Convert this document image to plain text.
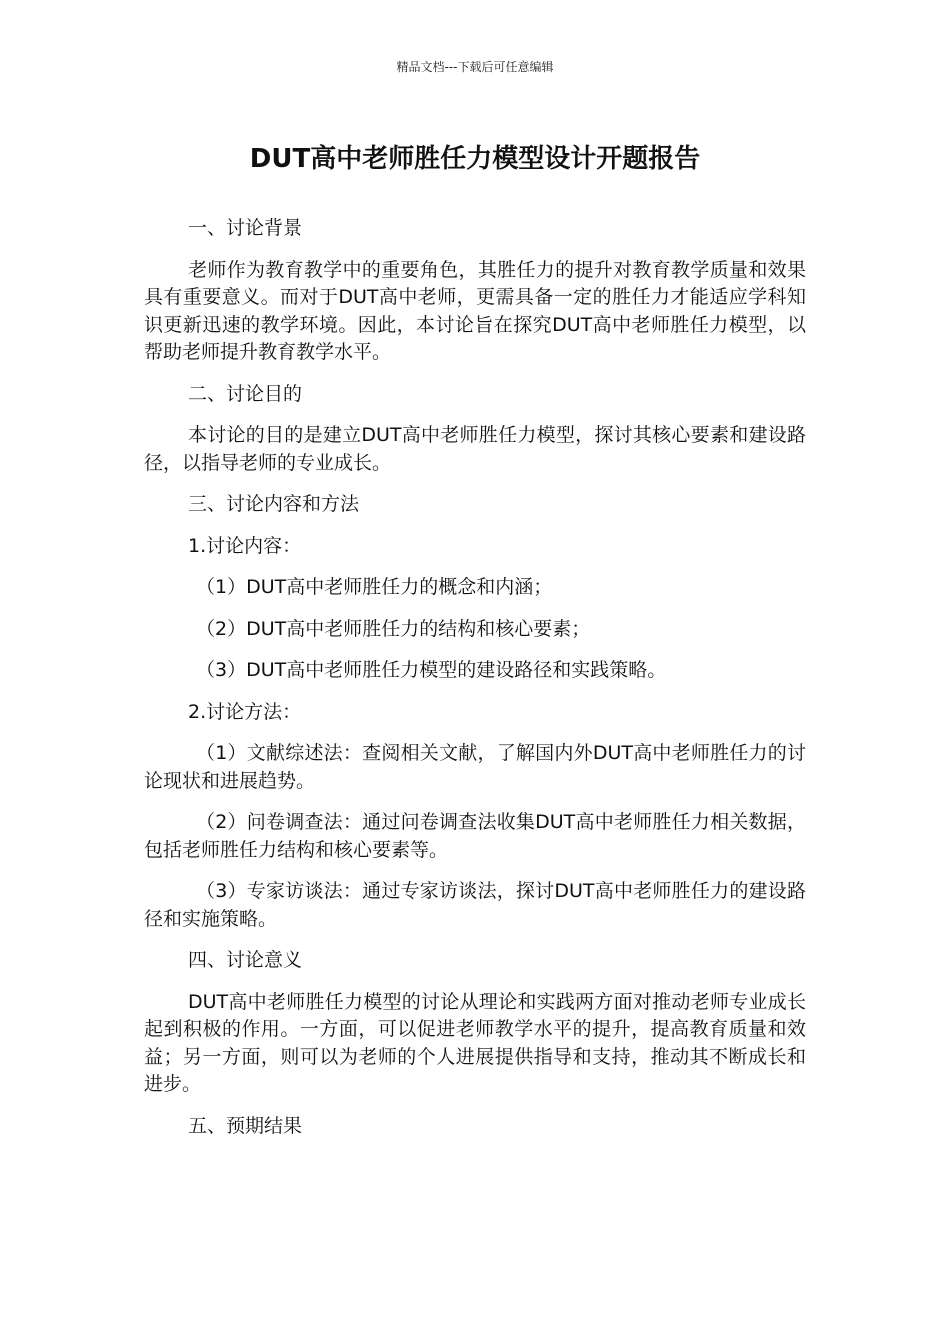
精品文档---下载后可任意编辑
DUT高中老师胜任力模型设计开题报告

一、讨论背景

老师作为教育教学中的重要角色，其胜任力的提升对教育教学质量和效果具有重要意义。而对于DUT高中老师，更需具备一定的胜任力才能适应学科知识更新迅速的教学环境。因此，本讨论旨在探究DUT高中老师胜任力模型，以帮助老师提升教育教学水平。

二、讨论目的

本讨论的目的是建立DUT高中老师胜任力模型，探讨其核心要素和建设路径，以指导老师的专业成长。

三、讨论内容和方法

1.讨论内容：

（1）DUT高中老师胜任力的概念和内涵；

（2）DUT高中老师胜任力的结构和核心要素；

（3）DUT高中老师胜任力模型的建设路径和实践策略。

2.讨论方法：

（1）文献综述法：查阅相关文献，了解国内外DUT高中老师胜任力的讨论现状和进展趋势。

（2）问卷调查法：通过问卷调查法收集DUT高中老师胜任力相关数据，包括老师胜任力结构和核心要素等。

（3）专家访谈法：通过专家访谈法，探讨DUT高中老师胜任力的建设路径和实施策略。

四、讨论意义

DUT高中老师胜任力模型的讨论从理论和实践两方面对推动老师专业成长起到积极的作用。一方面，可以促进老师教学水平的提升，提高教育质量和效益；另一方面，则可以为老师的个人进展提供指导和支持，推动其不断成长和进步。

五、预期结果
